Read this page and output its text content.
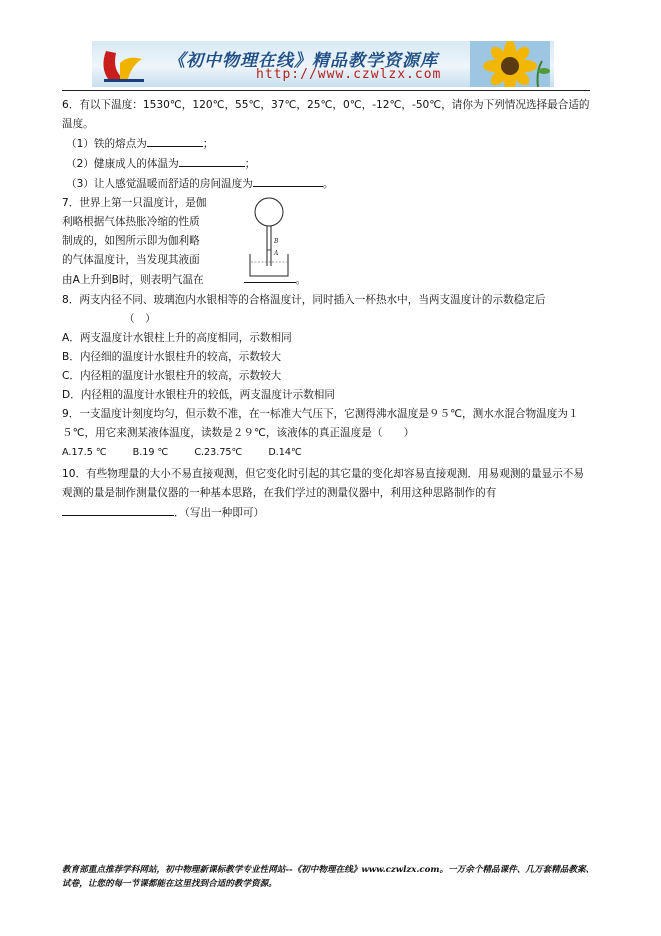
《初中物理在线》精品教学资源库
http://www.czwlzx.com

6．有以下温度：1530℃，120℃，55℃，37℃，25℃，0℃，-12℃，-50℃，请你为下列情况选择最合适的温度。

（1）铁的熔点为	；

（2）健康成人的体温为	；

（3）让人感觉温暖而舒适的房间温度为	。

7．世界上第一只温度计，是伽
利略根据气体热胀冷缩的性质
制成的，如图所示即为伽利略
的气体温度计，当发现其液面
B
A
由A上升到B时，则表明气温在	。

8．两支内径不同、玻璃泡内水银相等的合格温度计，同时插入一杯热水中，当两支温度计的示数稳定后（　）

A．两支温度计水银柱上升的高度相同，示数相同

B．内径细的温度计水银柱升的较高，示数较大

C．内径粗的温度计水银柱升的较高，示数较大

D．内径粗的温度计水银柱升的较低，两支温度计示数相同

9．一支温度计刻度均匀，但示数不准，在一标准大气压下，它测得沸水温度是９５℃，测水水混合物温度为１５℃，用它来测某液体温度，读数是２９℃，该液体的真正温度是（　　）

A.17.5 ℃	B.19 ℃	C.23.75℃	D.14℃

10．有些物理量的大小不易直接观测，但它变化时引起的其它量的变化却容易直接观测．用易观测的量显示不易观测的量是制作测量仪器的一种基本思路，在我们学过的测量仪器中，利用这种思路制作的有

．（写出一种即可）

教育部重点推荐学科网站，初中物理新课标教学专业性网站--《初中物理在线》www.czwlzx.com。一万余个精品课件、几万套精品教案、试卷，让您的每一节课都能在这里找到合适的教学资源。
